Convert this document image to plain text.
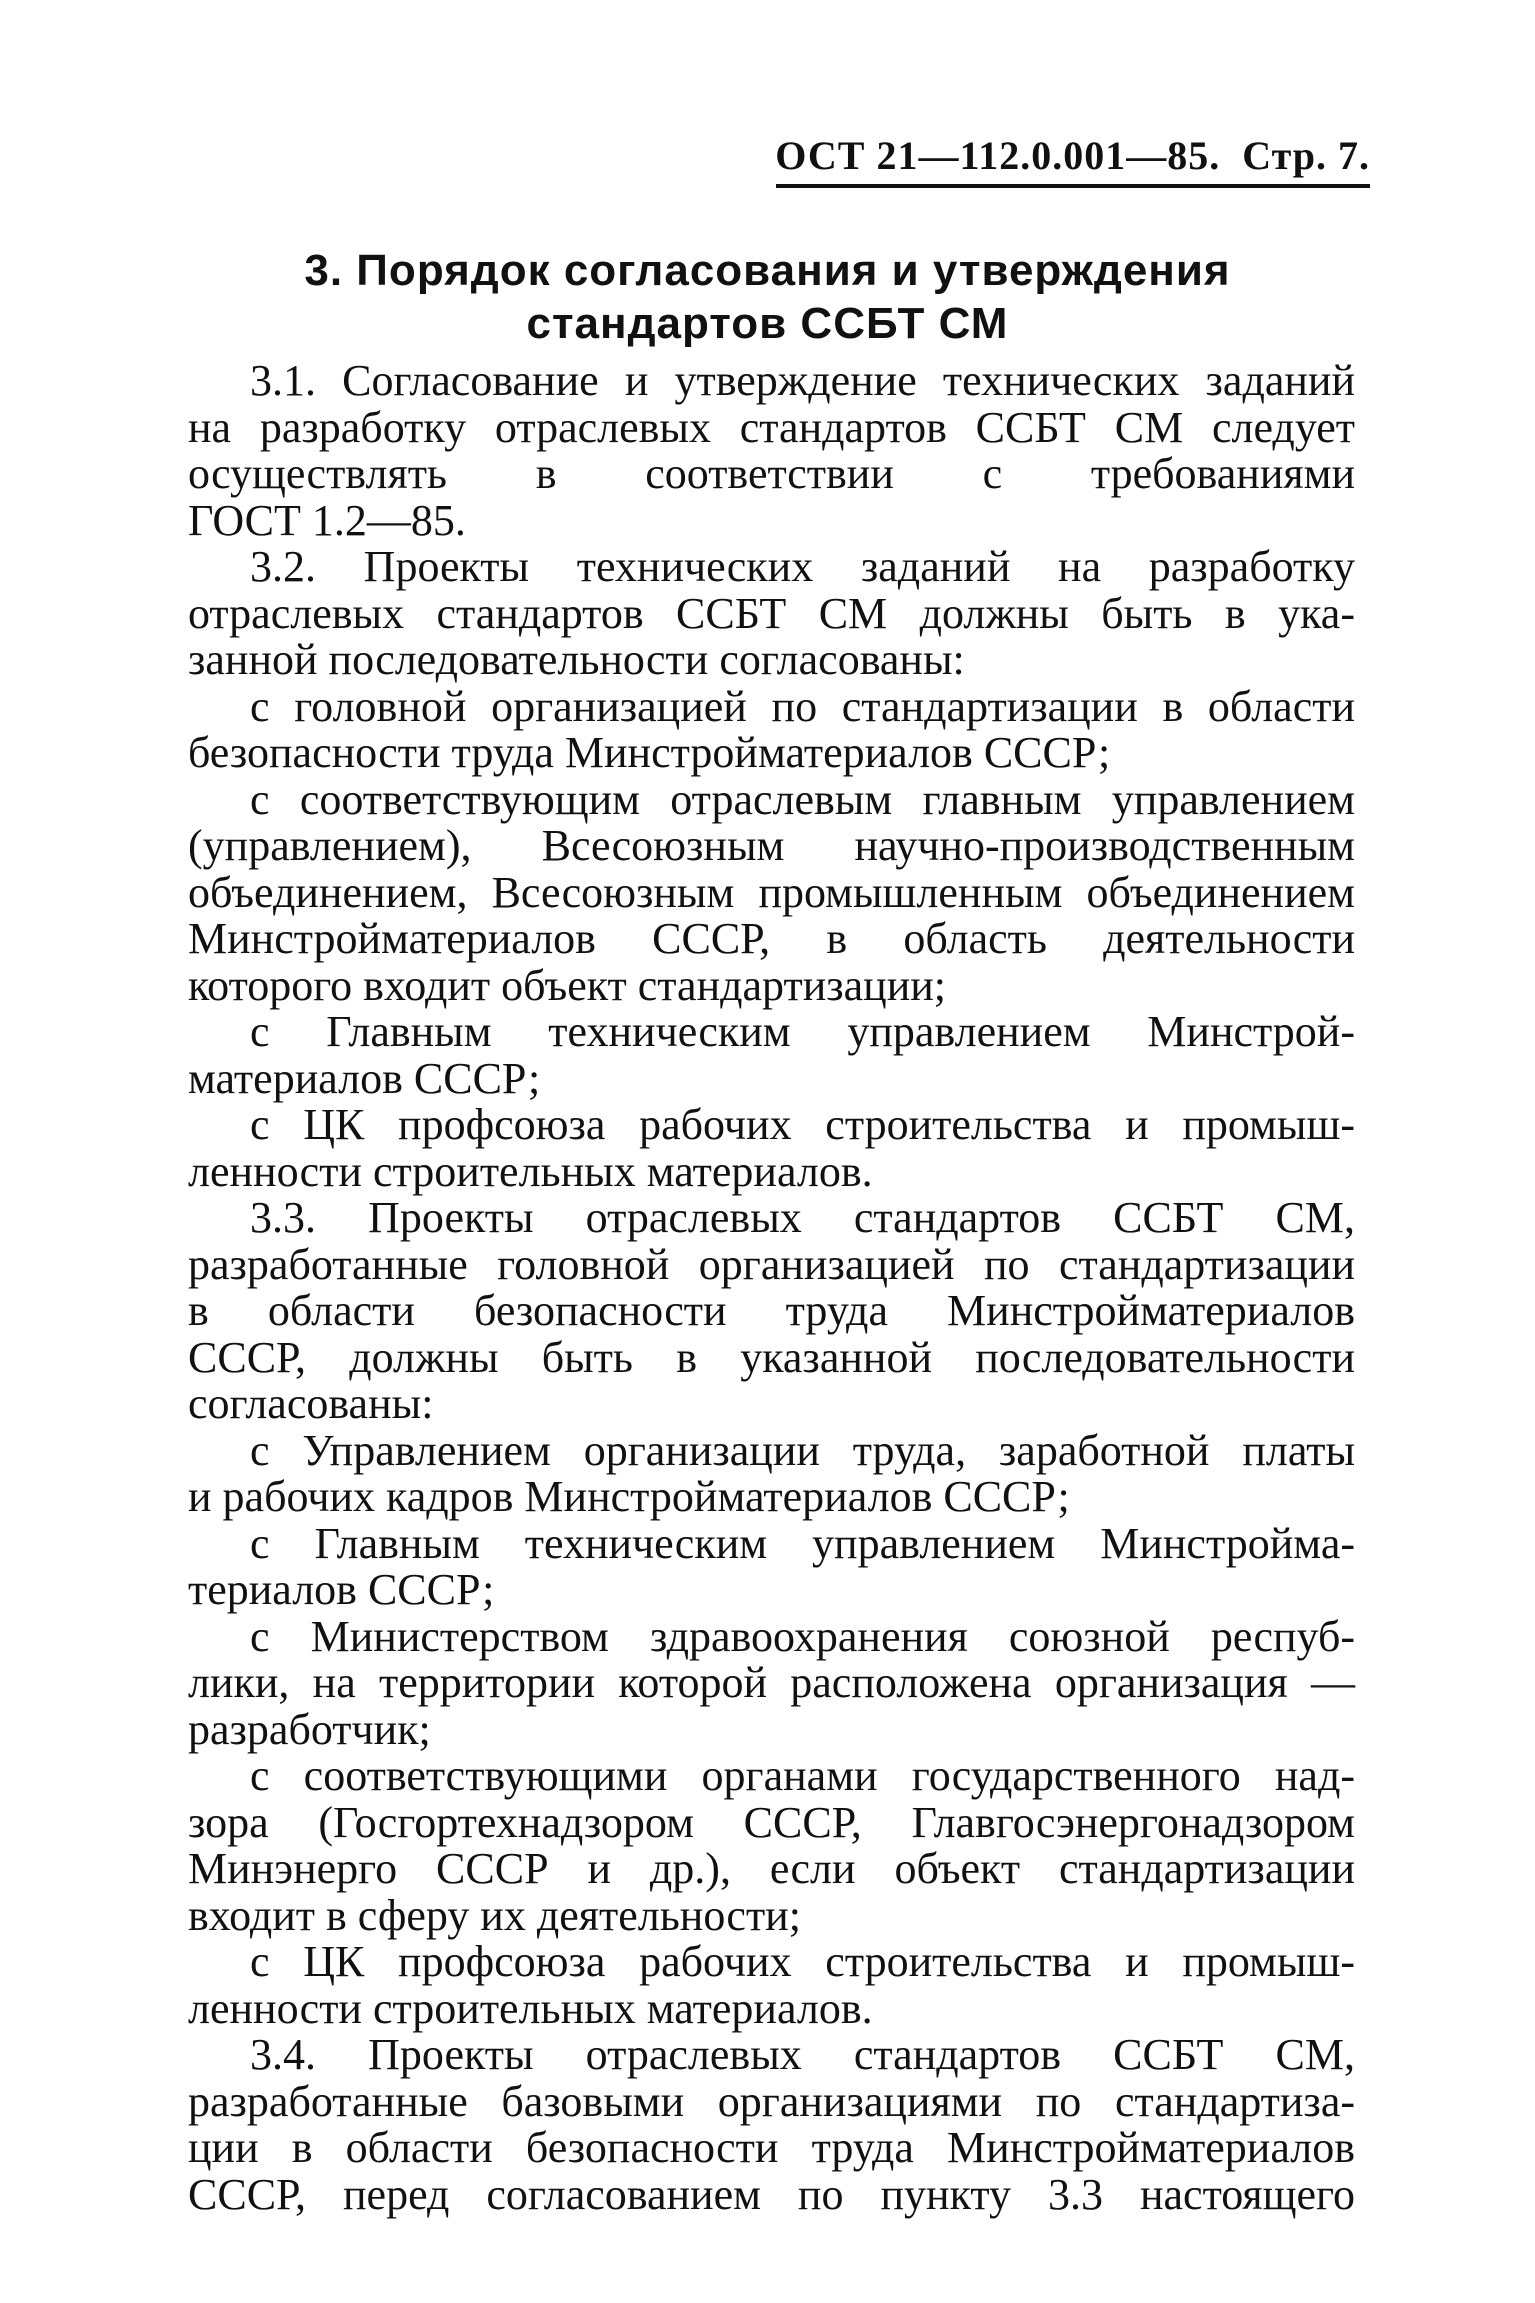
ОСТ 21—112.0.001—85. Стр. 7.
3. Порядок согласования и утверждения
стандартов ССБТ СМ
3.1. Согласование и утверждение технических заданий
на разработку отраслевых стандартов ССБТ СМ следует
осуществлять в соответствии с требованиями
ГОСТ 1.2—85.
3.2. Проекты технических заданий на разработку
отраслевых стандартов ССБТ СМ должны быть в ука-
занной последовательности согласованы:
с головной организацией по стандартизации в области
безопасности труда Минстройматериалов СССР;
с соответствующим отраслевым главным управлением
(управлением), Всесоюзным научно-производственным
объединением, Всесоюзным промышленным объединением
Минстройматериалов СССР, в область деятельности
которого входит объект стандартизации;
с Главным техническим управлением Минстрой-
материалов СССР;
с ЦК профсоюза рабочих строительства и промыш-
ленности строительных материалов.
3.3. Проекты отраслевых стандартов ССБТ СМ,
разработанные головной организацией по стандартизации
в области безопасности труда Минстройматериалов
СССР, должны быть в указанной последовательности
согласованы:
с Управлением организации труда, заработной платы
и рабочих кадров Минстройматериалов СССР;
с Главным техническим управлением Минстройма-
териалов СССР;
с Министерством здравоохранения союзной респуб-
лики, на территории которой расположена организация —
разработчик;
с соответствующими органами государственного над-
зора (Госгортехнадзором СССР, Главгосэнергонадзором
Минэнерго СССР и др.), если объект стандартизации
входит в сферу их деятельности;
с ЦК профсоюза рабочих строительства и промыш-
ленности строительных материалов.
3.4. Проекты отраслевых стандартов ССБТ СМ,
разработанные базовыми организациями по стандартиза-
ции в области безопасности труда Минстройматериалов
СССР, перед согласованием по пункту 3.3 настоящего
